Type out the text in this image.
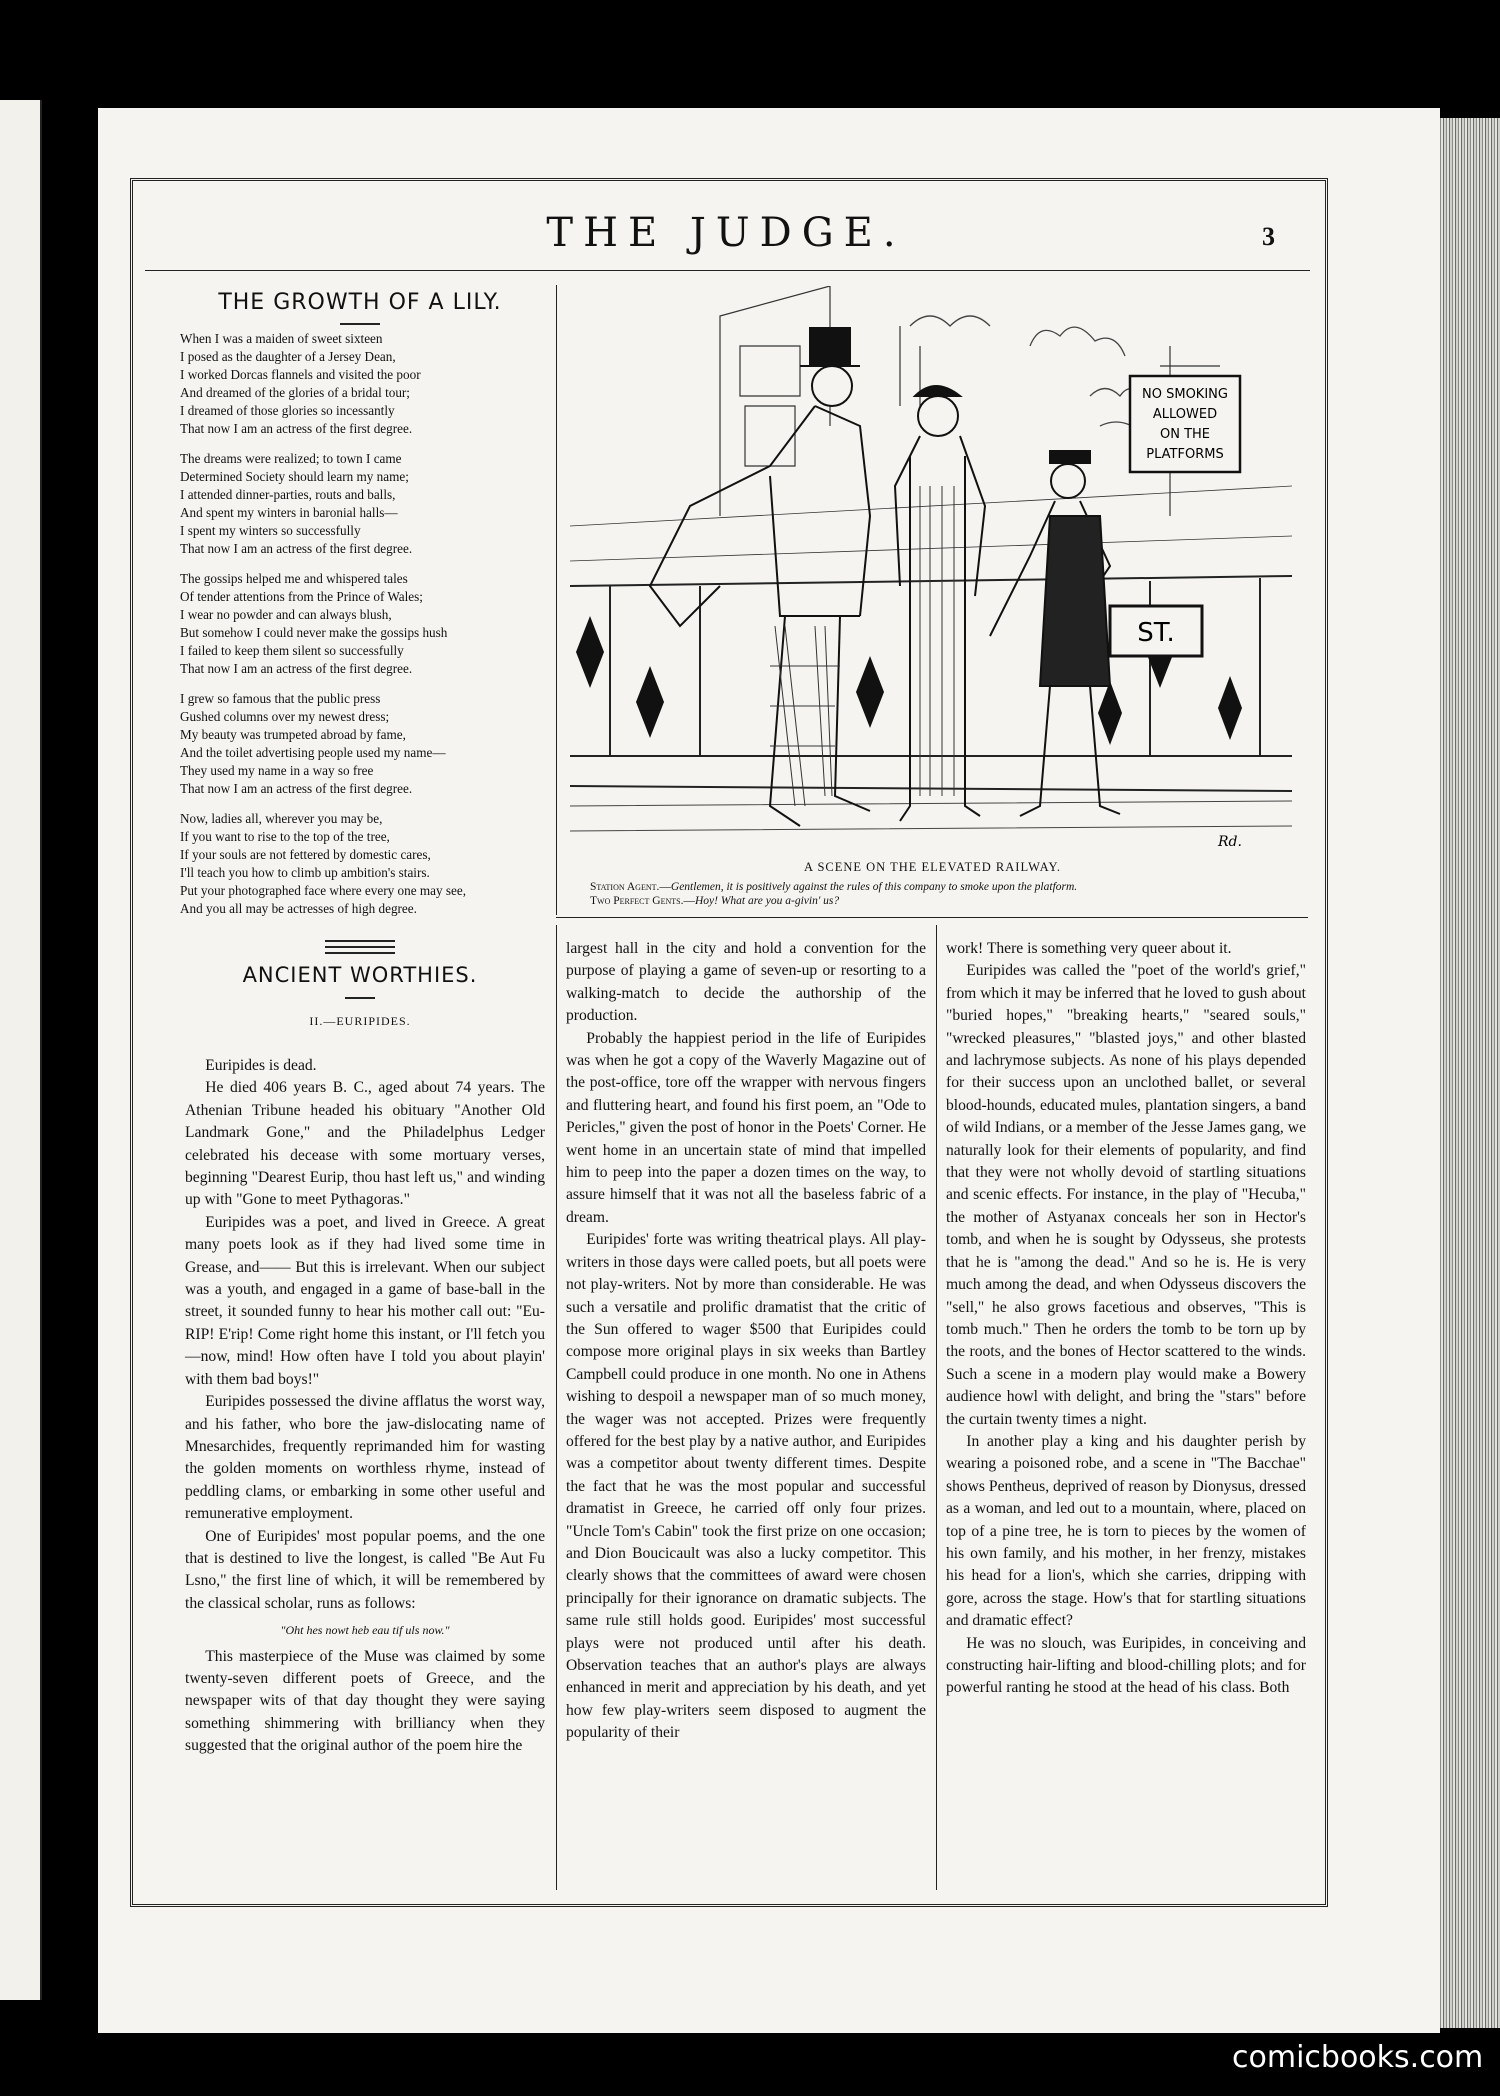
THE JUDGE.	3
THE GROWTH OF A LILY.
When I was a maiden of sweet sixteen
I posed as the daughter of a Jersey Dean,
I worked Dorcas flannels and visited the poor
And dreamed of the glories of a bridal tour;
I dreamed of those glories so incessantly
That now I am an actress of the first degree.
The dreams were realized; to town I came
Determined Society should learn my name;
I attended dinner-parties, routs and balls,
And spent my winters in baronial halls—
I spent my winters so successfully
That now I am an actress of the first degree.
The gossips helped me and whispered tales
Of tender attentions from the Prince of Wales;
I wear no powder and can always blush,
But somehow I could never make the gossips hush
I failed to keep them silent so successfully
That now I am an actress of the first degree.
I grew so famous that the public press
Gushed columns over my newest dress;
My beauty was trumpeted abroad by fame,
And the toilet advertising people used my name—
They used my name in a way so free
That now I am an actress of the first degree.
Now, ladies all, wherever you may be,
If you want to rise to the top of the tree,
If your souls are not fettered by domestic cares,
I'll teach you how to climb up ambition's stairs.
Put your photographed face where every one may see,
And you all may be actresses of high degree.
ANCIENT WORTHIES.
II.—EURIPIDES.
NO SMOKING
ALLOWED
ON THE
PLATFORMS
ST.
Rd.
A SCENE ON THE ELEVATED RAILWAY.
Station Agent.—Gentlemen, it is positively against the rules of this company to smoke upon the platform.
Two Perfect Gents.—Hoy! What are you a-givin' us?

Euripides is dead.

He died 406 years B. C., aged about 74 years. The Athenian Tribune headed his obituary "Another Old Landmark Gone," and the Philadelphus Ledger celebrated his decease with some mortuary verses, beginning "Dearest Eurip, thou hast left us," and winding up with "Gone to meet Pythagoras."

Euripides was a poet, and lived in Greece. A great many poets look as if they had lived some time in Grease, and—— But this is irrelevant. When our subject was a youth, and engaged in a game of base-ball in the street, it sounded funny to hear his mother call out: "Eu-RIP! E'rip! Come right home this instant, or I'll fetch you—now, mind! How often have I told you about playin' with them bad boys!"

Euripides possessed the divine afflatus the worst way, and his father, who bore the jaw-dislocating name of Mnesarchides, frequently reprimanded him for wasting the golden moments on worthless rhyme, instead of peddling clams, or embarking in some other useful and remunerative employment.

One of Euripides' most popular poems, and the one that is destined to live the longest, is called "Be Aut Fu Lsno," the first line of which, it will be remembered by the classical scholar, runs as follows:

"Oht hes nowt heb eau tif uls now."

This masterpiece of the Muse was claimed by some twenty-seven different poets of Greece, and the newspaper wits of that day thought they were saying something shimmering with brilliancy when they suggested that the original author of the poem hire the

largest hall in the city and hold a convention for the purpose of playing a game of seven-up or resorting to a walking-match to decide the authorship of the production.

Probably the happiest period in the life of Euripides was when he got a copy of the Waverly Magazine out of the post-office, tore off the wrapper with nervous fingers and fluttering heart, and found his first poem, an "Ode to Pericles," given the post of honor in the Poets' Corner. He went home in an uncertain state of mind that impelled him to peep into the paper a dozen times on the way, to assure himself that it was not all the baseless fabric of a dream.

Euripides' forte was writing theatrical plays. All play-writers in those days were called poets, but all poets were not play-writers. Not by more than considerable. He was such a versatile and prolific dramatist that the critic of the Sun offered to wager $500 that Euripides could compose more original plays in six weeks than Bartley Campbell could produce in one month. No one in Athens wishing to despoil a newspaper man of so much money, the wager was not accepted. Prizes were frequently offered for the best play by a native author, and Euripides was a competitor about twenty different times. Despite the fact that he was the most popular and successful dramatist in Greece, he carried off only four prizes. "Uncle Tom's Cabin" took the first prize on one occasion; and Dion Boucicault was also a lucky competitor. This clearly shows that the committees of award were chosen principally for their ignorance on dramatic subjects. The same rule still holds good. Euripides' most successful plays were not produced until after his death. Observation teaches that an author's plays are always enhanced in merit and appreciation by his death, and yet how few play-writers seem disposed to augment the popularity of their

work! There is something very queer about it.

Euripides was called the "poet of the world's grief," from which it may be inferred that he loved to gush about "buried hopes," "breaking hearts," "seared souls," "wrecked pleasures," "blasted joys," and other blasted and lachrymose subjects. As none of his plays depended for their success upon an unclothed ballet, or several blood-hounds, educated mules, plantation singers, a band of wild Indians, or a member of the Jesse James gang, we naturally look for their elements of popularity, and find that they were not wholly devoid of startling situations and scenic effects. For instance, in the play of "Hecuba," the mother of Astyanax conceals her son in Hector's tomb, and when he is sought by Odysseus, she protests that he is "among the dead." And so he is. He is very much among the dead, and when Odysseus discovers the "sell," he also grows facetious and observes, "This is tomb much." Then he orders the tomb to be torn up by the roots, and the bones of Hector scattered to the winds. Such a scene in a modern play would make a Bowery audience howl with delight, and bring the "stars" before the curtain twenty times a night.

In another play a king and his daughter perish by wearing a poisoned robe, and a scene in "The Bacchae" shows Pentheus, deprived of reason by Dionysus, dressed as a woman, and led out to a mountain, where, placed on top of a pine tree, he is torn to pieces by the women of his own family, and his mother, in her frenzy, mistakes his head for a lion's, which she carries, dripping with gore, across the stage. How's that for startling situations and dramatic effect?

He was no slouch, was Euripides, in conceiving and constructing hair-lifting and blood-chilling plots; and for powerful ranting he stood at the head of his class. Both

comicbooks.com
